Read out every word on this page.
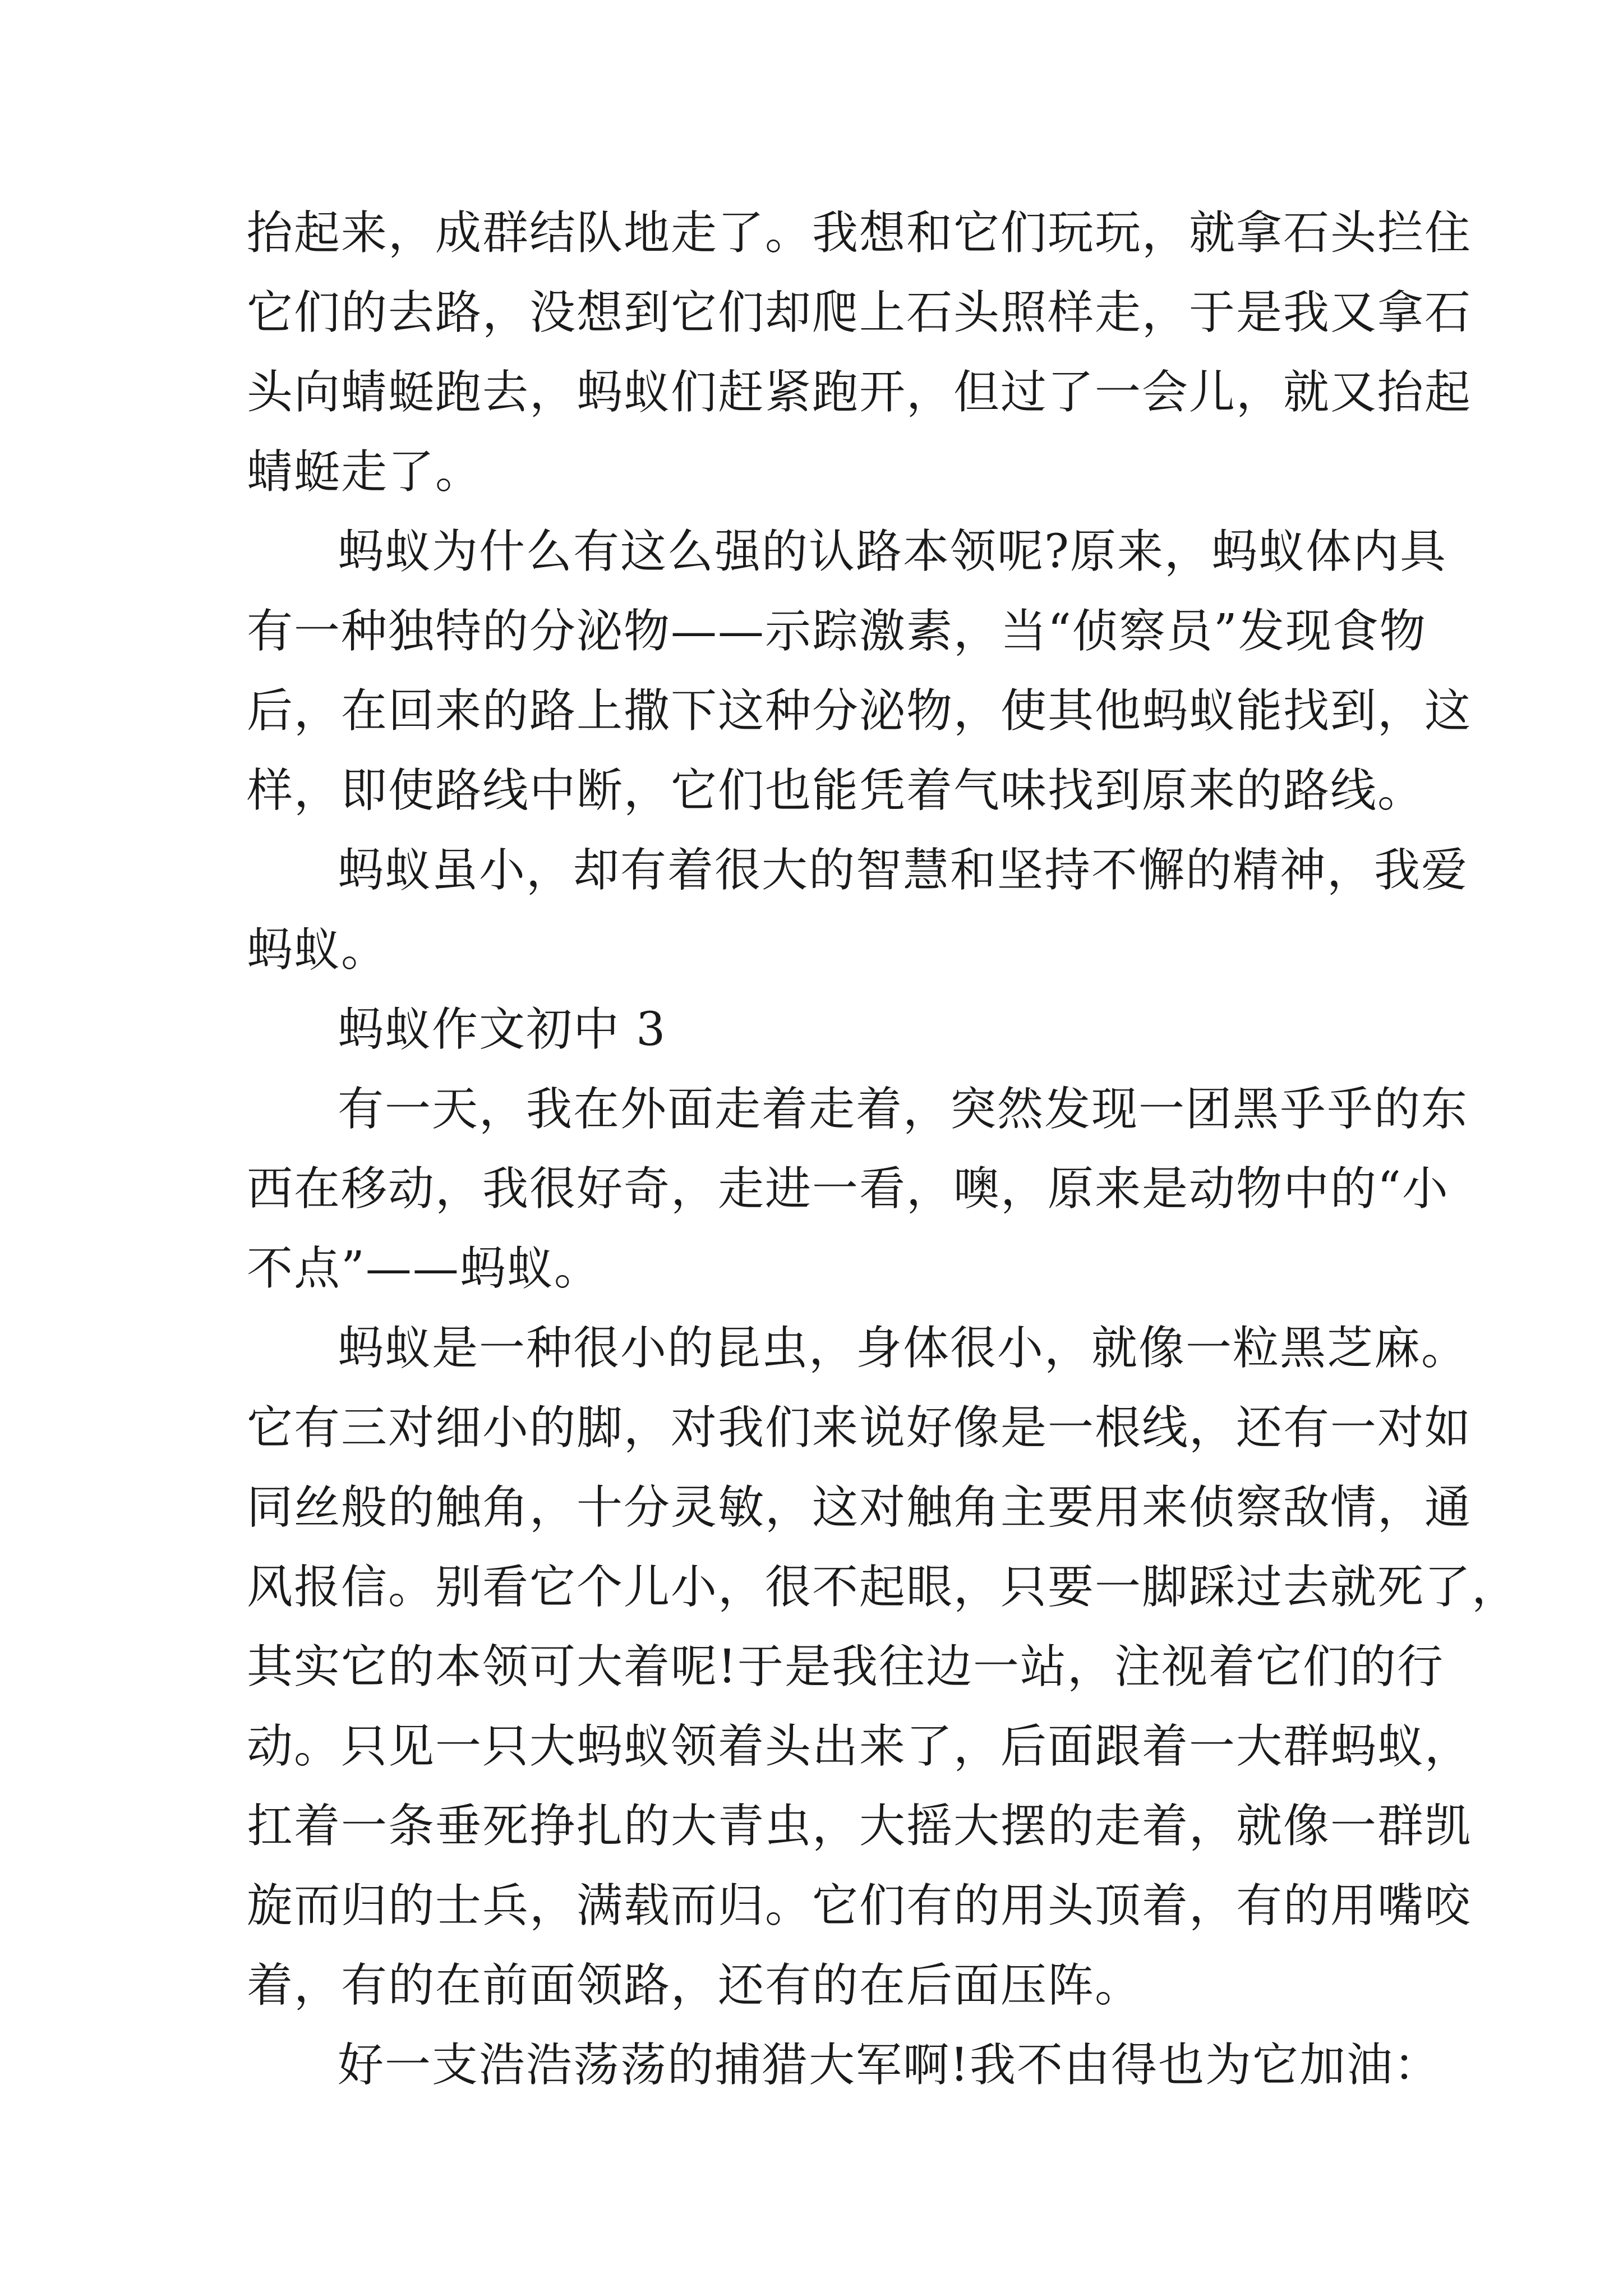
抬起来，成群结队地走了。我想和它们玩玩，就拿石头拦住
它们的去路，没想到它们却爬上石头照样走，于是我又拿石
头向蜻蜓跑去，蚂蚁们赶紧跑开，但过了一会儿，就又抬起
蜻蜓走了。
蚂蚁为什么有这么强的认路本领呢?原来，蚂蚁体内具
有一种独特的分泌物——示踪激素，当“侦察员”发现食物
后，在回来的路上撒下这种分泌物，使其他蚂蚁能找到，这
样，即使路线中断，它们也能凭着气味找到原来的路线。
蚂蚁虽小，却有着很大的智慧和坚持不懈的精神，我爱
蚂蚁。
蚂蚁作文初中 3
有一天，我在外面走着走着，突然发现一团黑乎乎的东
西在移动，我很好奇，走进一看，噢，原来是动物中的“小
不点”——蚂蚁。
蚂蚁是一种很小的昆虫，身体很小，就像一粒黑芝麻。
它有三对细小的脚，对我们来说好像是一根线，还有一对如
同丝般的触角，十分灵敏，这对触角主要用来侦察敌情，通
风报信。别看它个儿小，很不起眼，只要一脚踩过去就死了，
其实它的本领可大着呢!于是我往边一站，注视着它们的行
动。只见一只大蚂蚁领着头出来了，后面跟着一大群蚂蚁，
扛着一条垂死挣扎的大青虫，大摇大摆的走着，就像一群凯
旋而归的士兵，满载而归。它们有的用头顶着，有的用嘴咬
着，有的在前面领路，还有的在后面压阵。
好一支浩浩荡荡的捕猎大军啊!我不由得也为它加油：
